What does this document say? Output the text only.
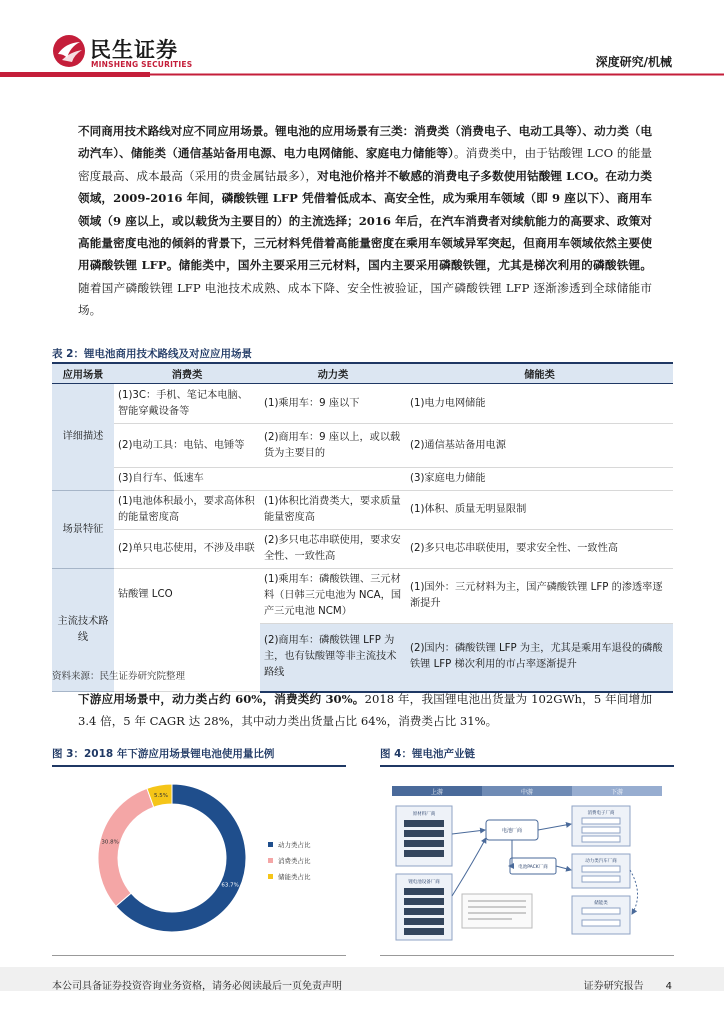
民生证券
MINSHENG SECURITIES	深度研究/机械
不同商用技术路线对应不同应用场景。锂电池的应用场景有三类：消费类（消费电子、电动工具等）、动力类（电动汽车）、储能类（通信基站备用电源、电力电网储能、家庭电力储能等）。消费类中，由于钴酸锂 LCO 的能量密度最高、成本最高（采用的贵金属钴最多），对电池价格并不敏感的消费电子多数使用钴酸锂 LCO。在动力类领域，2009-2016 年间，磷酸铁锂 LFP 凭借着低成本、高安全性，成为乘用车领域（即 9 座以下）、商用车领域（9 座以上，或以载货为主要目的）的主流选择；2016 年后，在汽车消费者对续航能力的高要求、政策对高能量密度电池的倾斜的背景下，三元材料凭借着高能量密度在乘用车领域异军突起，但商用车领域依然主要使用磷酸铁锂 LFP。储能类中，国外主要采用三元材料，国内主要采用磷酸铁锂，尤其是梯次利用的磷酸铁锂。随着国产磷酸铁锂 LFP 电池技术成熟、成本下降、安全性被验证，国产磷酸铁锂 LFP 逐渐渗透到全球储能市场。
表 2：锂电池商用技术路线及对应应用场景
应用场景	消费类	动力类	储能类
详细描述	(1)3C：手机、笔记本电脑、智能穿戴设备等	(1)乘用车：9 座以下	(1)电力电网储能
	(2)电动工具：电钻、电锤等	(2)商用车：9 座以上，或以载货为主要目的	(2)通信基站备用电源
	(3)自行车、低速车		(3)家庭电力储能
场景特征	(1)电池体积最小，要求高体积的能量密度高	(1)体积比消费类大，要求质量能量密度高	(1)体积、质量无明显限制
	(2)单只电芯使用，不涉及串联	(2)多只电芯串联使用，要求安全性、一致性高	(2)多只电芯串联使用，要求安全性、一致性高
主流技术路线	钴酸锂 LCO	(1)乘用车：磷酸铁锂、三元材料（日韩三元电池为 NCA，国产三元电池 NCM）	(1)国外：三元材料为主，国产磷酸铁锂 LFP 的渗透率逐渐提升
		(2)商用车：磷酸铁锂 LFP 为主，也有钛酸锂等非主流技术路线	(2)国内：磷酸铁锂 LFP 为主，尤其是乘用车退役的磷酸铁锂 LFP 梯次利用的市占率逐渐提升
资料来源：民生证券研究院整理
下游应用场景中，动力类占约 60%，消费类约 30%。2018 年，我国锂电池出货量为 102GWh，5 年间增加 3.4 倍，5 年 CAGR 达 28%，其中动力类出货量占比 64%，消费类占比 31%。
图 3：2018 年下游应用场景锂电池使用量比例
63.7%
30.8%
5.5%
动力类占比
消费类占比
储能类占比
图 4：锂电池产业链
上游	中游	下游
原材料厂商
锂电池设备厂商
电池厂商
电池PACK厂商
消费电子厂商
动力类汽车厂商
储能类
本公司具备证券投资咨询业务资格，请务必阅读最后一页免责声明	证券研究报告 4
